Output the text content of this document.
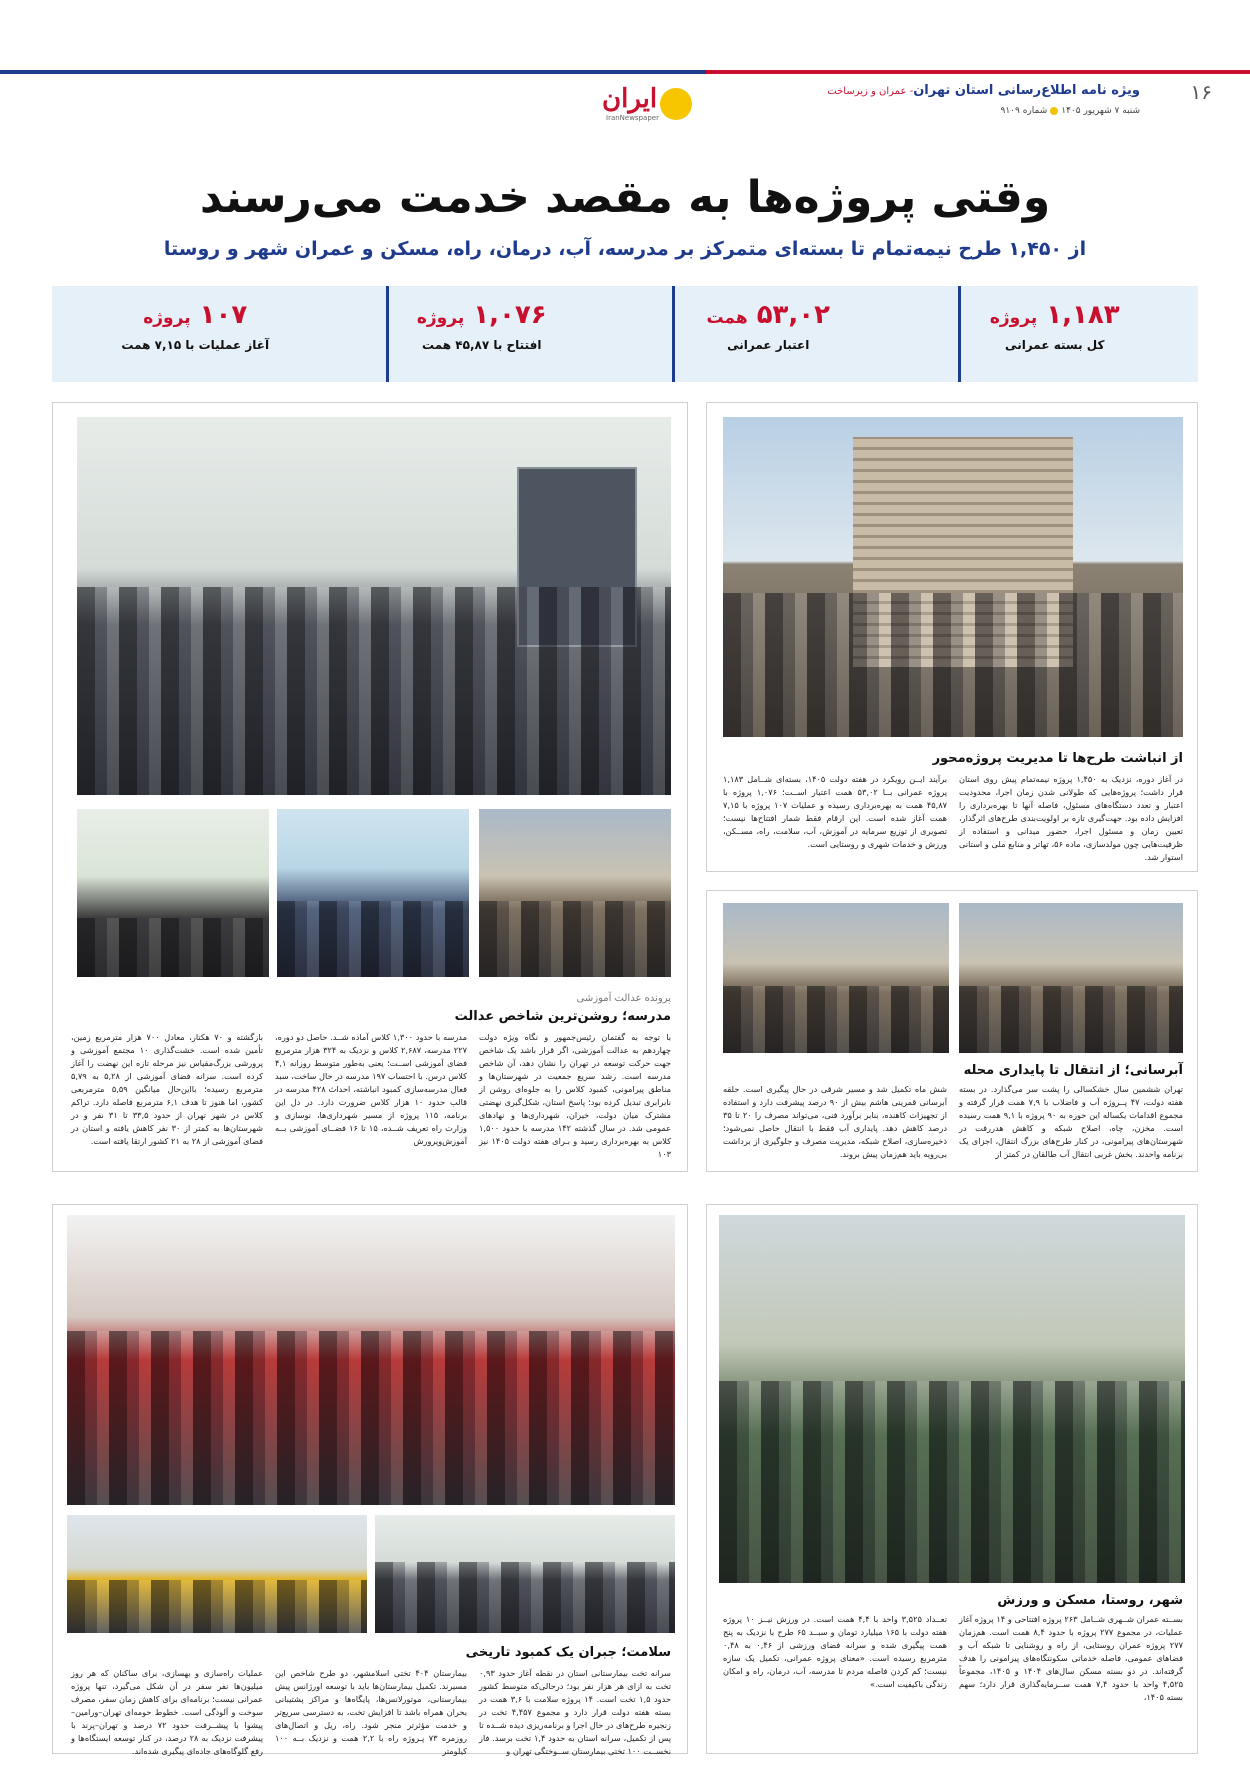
۱۶
ویژه نامه اطلاع‌رسانی استان تهران- عمران و زیرساخت
شنبه ۷ شهریور ۱۴۰۵شماره ۹۱۰۹
ایران
IranNewspaper
وقتی پروژه‌ها به مقصد خدمت می‌رسند
از ۱,۴۵۰ طرح نیمه‌تمام تا بسته‌ای متمرکز بر مدرسه، آب، درمان، راه، مسکن و عمران شهر و روستا
۱,۱۸۳ پروژه
کل بسته عمرانی
۵۳,۰۲ همت
اعتبار عمرانی
۱,۰۷۶ پروژه
افتتاح با ۴۵,۸۷ همت
۱۰۷ پروژه
آغاز عملیات با ۷,۱۵ همت
از انباشت طرح‌ها تا مدیریت پروژه‌محور
در آغاز دوره، نزدیک به ۱,۴۵۰ پروژه نیمه‌تمام پیش روی استان قرار داشت؛ پروژه‌هایی که طولانی شدن زمان اجرا، محدودیت اعتبار و تعدد دستگاه‌های مسئول، فاصله آنها تا بهره‌برداری را افزایش داده بود. جهت‌گیری تازه بر اولویت‌بندی طرح‌های اثرگذار، تعیین زمان و مسئول اجرا، حضور میدانی و استفاده از ظرفیت‌هایی چون مولدسازی، ماده ۵۶، تهاتر و منابع ملی و استانی استوار شد.
برآیند ایــن رویکرد در هفته دولت ۱۴۰۵، بسته‌ای شــامل ۱,۱۸۳ پروژه عمرانی بــا ۵۳,۰۲ همت اعتبار اســت؛ ۱,۰۷۶ پروژه با ۴۵,۸۷ همت به بهره‌برداری رسیده و عملیات ۱۰۷ پروژه با ۷,۱۵ همت آغاز شده است. این ارقام فقط شمار افتتاح‌ها نیست؛ تصویری از توزیع سرمایه در آموزش، آب، سلامت، راه، مســکن، ورزش و خدمات شهری و روستایی است.
پرونده عدالت آموزشی
مدرسه؛ روشن‌ترین شاخص عدالت
با توجه به گفتمان رئیس‌جمهور و نگاه ویژه دولت چهاردهم به عدالت آموزشی، اگر قرار باشد یک شاخص جهت حرکت توسعه در تهران را نشان دهد، آن شاخص مدرسه است. رشد سریع جمعیت در شهرستان‌ها و مناطق پیرامونی، کمبود کلاس را به جلوه‌ای روشن از نابرابری تبدیل کرده بود؛ پاسخ استان، شکل‌گیری نهضتی مشترک میان دولت، خیران، شهرداری‌ها و نهادهای عمومی شد. در سال گذشته ۱۴۲ مدرسه با حدود ۱,۵۰۰ کلاس به بهره‌برداری رسید و بـرای هفته دولت ۱۴۰۵ نیز ۱۰۳
مدرسه با حدود ۱,۳۰۰ کلاس آماده شــد. حاصل دو دوره، ۲۲۷ مدرسه، ۲,۶۸۷ کلاس و نزدیک به ۳۲۴ هزار مترمربع فضای آموزشی اســت؛ یعنی به‌طور متوسط روزانه ۴,۱ کلاس درس. با احتساب ۱۹۷ مدرسه در حال ساخت، سبد فعال مدرسه‌سازی کمبود انباشته، احداث ۴۲۸ مدرسه در قالب حدود ۱۰ هزار کلاس ضرورت دارد. در دل این برنامه، ۱۱۵ پروژه از مسیر شهرداری‌ها، نوسازی و وزارت راه تعریف شــده، ۱۵ تا ۱۶ فضــای آموزشی بــه آموزش‌وپرورش
بازگشته و ۷۰ هکتار، معادل ۷۰۰ هزار مترمربع زمین، تأمین شده است. خشت‌گذاری ۱۰ مجتمع آموزشی و پرورشی بزرگ‌مقیاس نیز مرحله تازه این نهضت را آغاز کرده است. سرانه فضای آموزشی از ۵,۲۸ به ۵,۷۹ مترمربع رسیده؛ بااین‌حال میانگین ۵,۵۹ مترمربعی کشور، اما هنوز تا هدف ۶,۱ مترمربع فاصله دارد. تراکم کلاس در شهر تهران از حدود ۳۳,۵ تا ۳۱ نفر و در شهرستان‌ها به کمتر از ۳۰ نفر کاهش یافته و استان در فضای آموزشی از ۲۸ به ۲۱ کشور ارتقا یافته است.
آبرسانی؛ از انتقال تا پایداری محله
تهران ششمین سال خشکسالی را پشت سر می‌گذارد. در بسته هفته دولت، ۴۷ پــروژه آب و فاضلاب با ۷,۹ همت قرار گرفته و مجموع اقدامات یکساله این حوزه به ۹۰ پروژه با ۹,۱ همت رسیده است. مخزن، چاه، اصلاح شبکه و کاهش هدررفت در شهرستان‌های پیرامونی، در کنار طرح‌های بزرگ انتقال، اجزای یک برنامه واحدند. بخش غربی انتقال آب طالقان در کمتر از
شش ماه تکمیل شد و مسیر شرقی در حال پیگیری است. حلقه آبرسانی قمرینی هاشم بیش از ۹۰ درصد پیشرفت دارد و استفاده از تجهیزات کاهنده، بنابر برآورد فنی، می‌تواند مصرف را ۲۰ تا ۳۵ درصد کاهش دهد. پایداری آب فقط با انتقال حاصل نمی‌شود؛ ذخیره‌سازی، اصلاح شبکه، مدیریت مصرف و جلوگیری از برداشت بی‌رویه باید هم‌زمان پیش بروند.
سلامت؛ جبران یک کمبود تاریخی
سرانه تخت بیمارستانی استان در نقطه آغاز حدود ۰,۹۳ تخت به ازای هر هزار نفر بود؛ درحالی‌که متوسط کشور حدود ۱,۵ تخت است. ۱۴ پروژه سلامت با ۳,۶ همت در بسته هفته دولت قرار دارد و مجموع ۴,۴۵۷ تخت در زنجیره طرح‌های در حال اجرا و برنامه‌ریزی دیده شــده تا پس از تکمیل، سرانه استان به حدود ۱,۴ تخت برسد. فاز نخســت ۱۰۰ تختی بیمارستان ســوختگی تهران و
بیمارستان ۴۰۴ تختی اسلامشهر، دو طرح شاخص این مسیرند. تکمیل بیمارستان‌ها باید با توسعه اورژانس پیش بیمارستانی، موتورلانس‌ها، پایگاه‌ها و مراکز پشتیبانی بحران همراه باشد تا افزایش تخت، به دسترسی سریع‌تر و خدمت مؤثرتر منجر شود. راه، ریل و اتصال‌های روزمره ۷۳ پـروژه راه با ۲,۲ همت و نزدیک بــه ۱۰۰ کیلومتر
عملیات راه‌سازی و بهسازی، برای ساکنان که هر روز میلیون‌ها نفر سفر در آن شکل می‌گیرد، تنها پروژه عمرانی نیست؛ برنامه‌ای برای کاهش زمان سفر، مصرف سوخت و آلودگی است. خطوط حومه‌ای تهران–ورامین–پیشوا با پیشــرفت حدود ۷۲ درصد و تهران–پرند با پیشرفت نزدیک به ۲۸ درصد، در کنار توسعه ایستگاه‌ها و رفع گلوگاه‌های جاده‌ای پیگیری شده‌اند.
شهر، روستا، مسکن و ورزش
بســته عمران شــهری شــامل ۲۶۳ پروژه افتتاحی و ۱۴ پروژه آغاز عملیات، در مجموع ۲۷۷ پروژه با حدود ۸,۴ همت است. هم‌زمان ۲۷۷ پروژه عمران روستایی، از راه و روشنایی تا شبکه آب و فضاهای عمومی، فاصله خدماتی سکونتگاه‌های پیرامونی را هدف گرفته‌اند. در دو بسته مسکن سال‌های ۱۴۰۴ و ۱۴۰۵، مجموعاً ۴,۵۲۵ واحد با حدود ۷,۴ همت ســرمایه‌گذاری قرار دارد؛ سهم بسته ۱۴۰۵،
تعــداد ۳,۵۲۵ واحد با ۴,۴ همت است. در ورزش نیــز ۱۰ پروژه هفته دولت با ۱۶۵ میلیارد تومان و سبــد ۶۵ طرح با نزدیک به پنج همت پیگیری شده و سرانه فضای ورزشی از ۰,۴۶ به ۰,۴۸ مترمربع رسیده است. «معنای پروژه عمرانی، تکمیل یک سازه نیست؛ کم کردن فاصله مردم تا مدرسه، آب، درمان، راه و امکان زندگی باکیفیت است.»
